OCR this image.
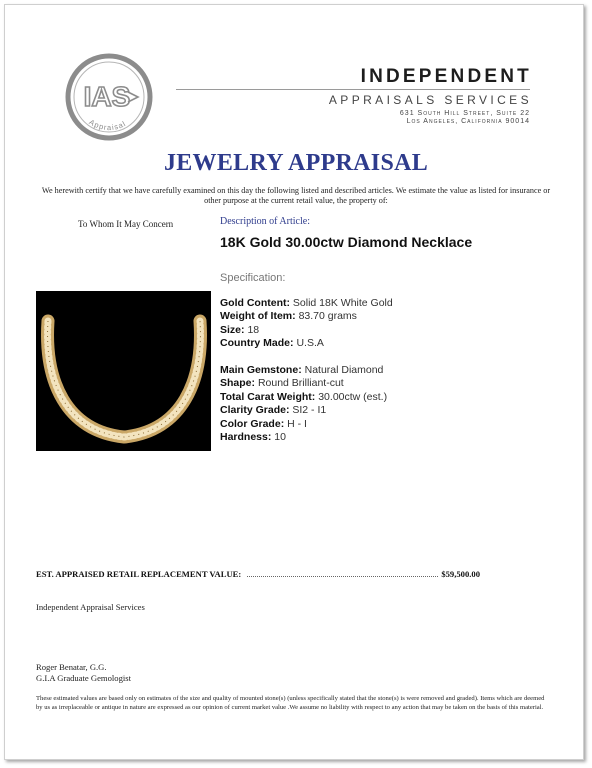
IAS
Appraisal
INDEPENDENT
APPRAISALS SERVICES
631 South Hill Street, Suite 22
Los Angeles, California 90014
JEWELRY APPRAISAL
We herewith certify that we have carefully examined on this day the following listed and described articles. We estimate the value as listed for insurance or other purpose at the current retail value, the property of:
To Whom It May Concern	Description of Article:
18K Gold 30.00ctw Diamond Necklace
Specification:
Gold Content: Solid 18K White Gold
Weight of Item: 83.70 grams
Size: 18
Country Made: U.S.A
Main Gemstone: Natural Diamond
Shape: Round Brilliant-cut
Total Carat Weight: 30.00ctw (est.)
Clarity Grade: SI2 - I1
Color Grade: H - I
Hardness: 10
EST. APPRAISED RETAIL REPLACEMENT VALUE:	$59,500.00
Independent Appraisal Services
Roger Benatar, G.G.
G.I.A Graduate Gemologist
These estimated values are based only on estimates of the size and quality of mounted stone(s) (unless specifically stated that the stone(s) is were removed and graded). Items which are deemed by us as irreplaceable or antique in nature are expressed as our opinion of current market value .We assume no liability with respect to any action that may be taken on the basis of this material.
